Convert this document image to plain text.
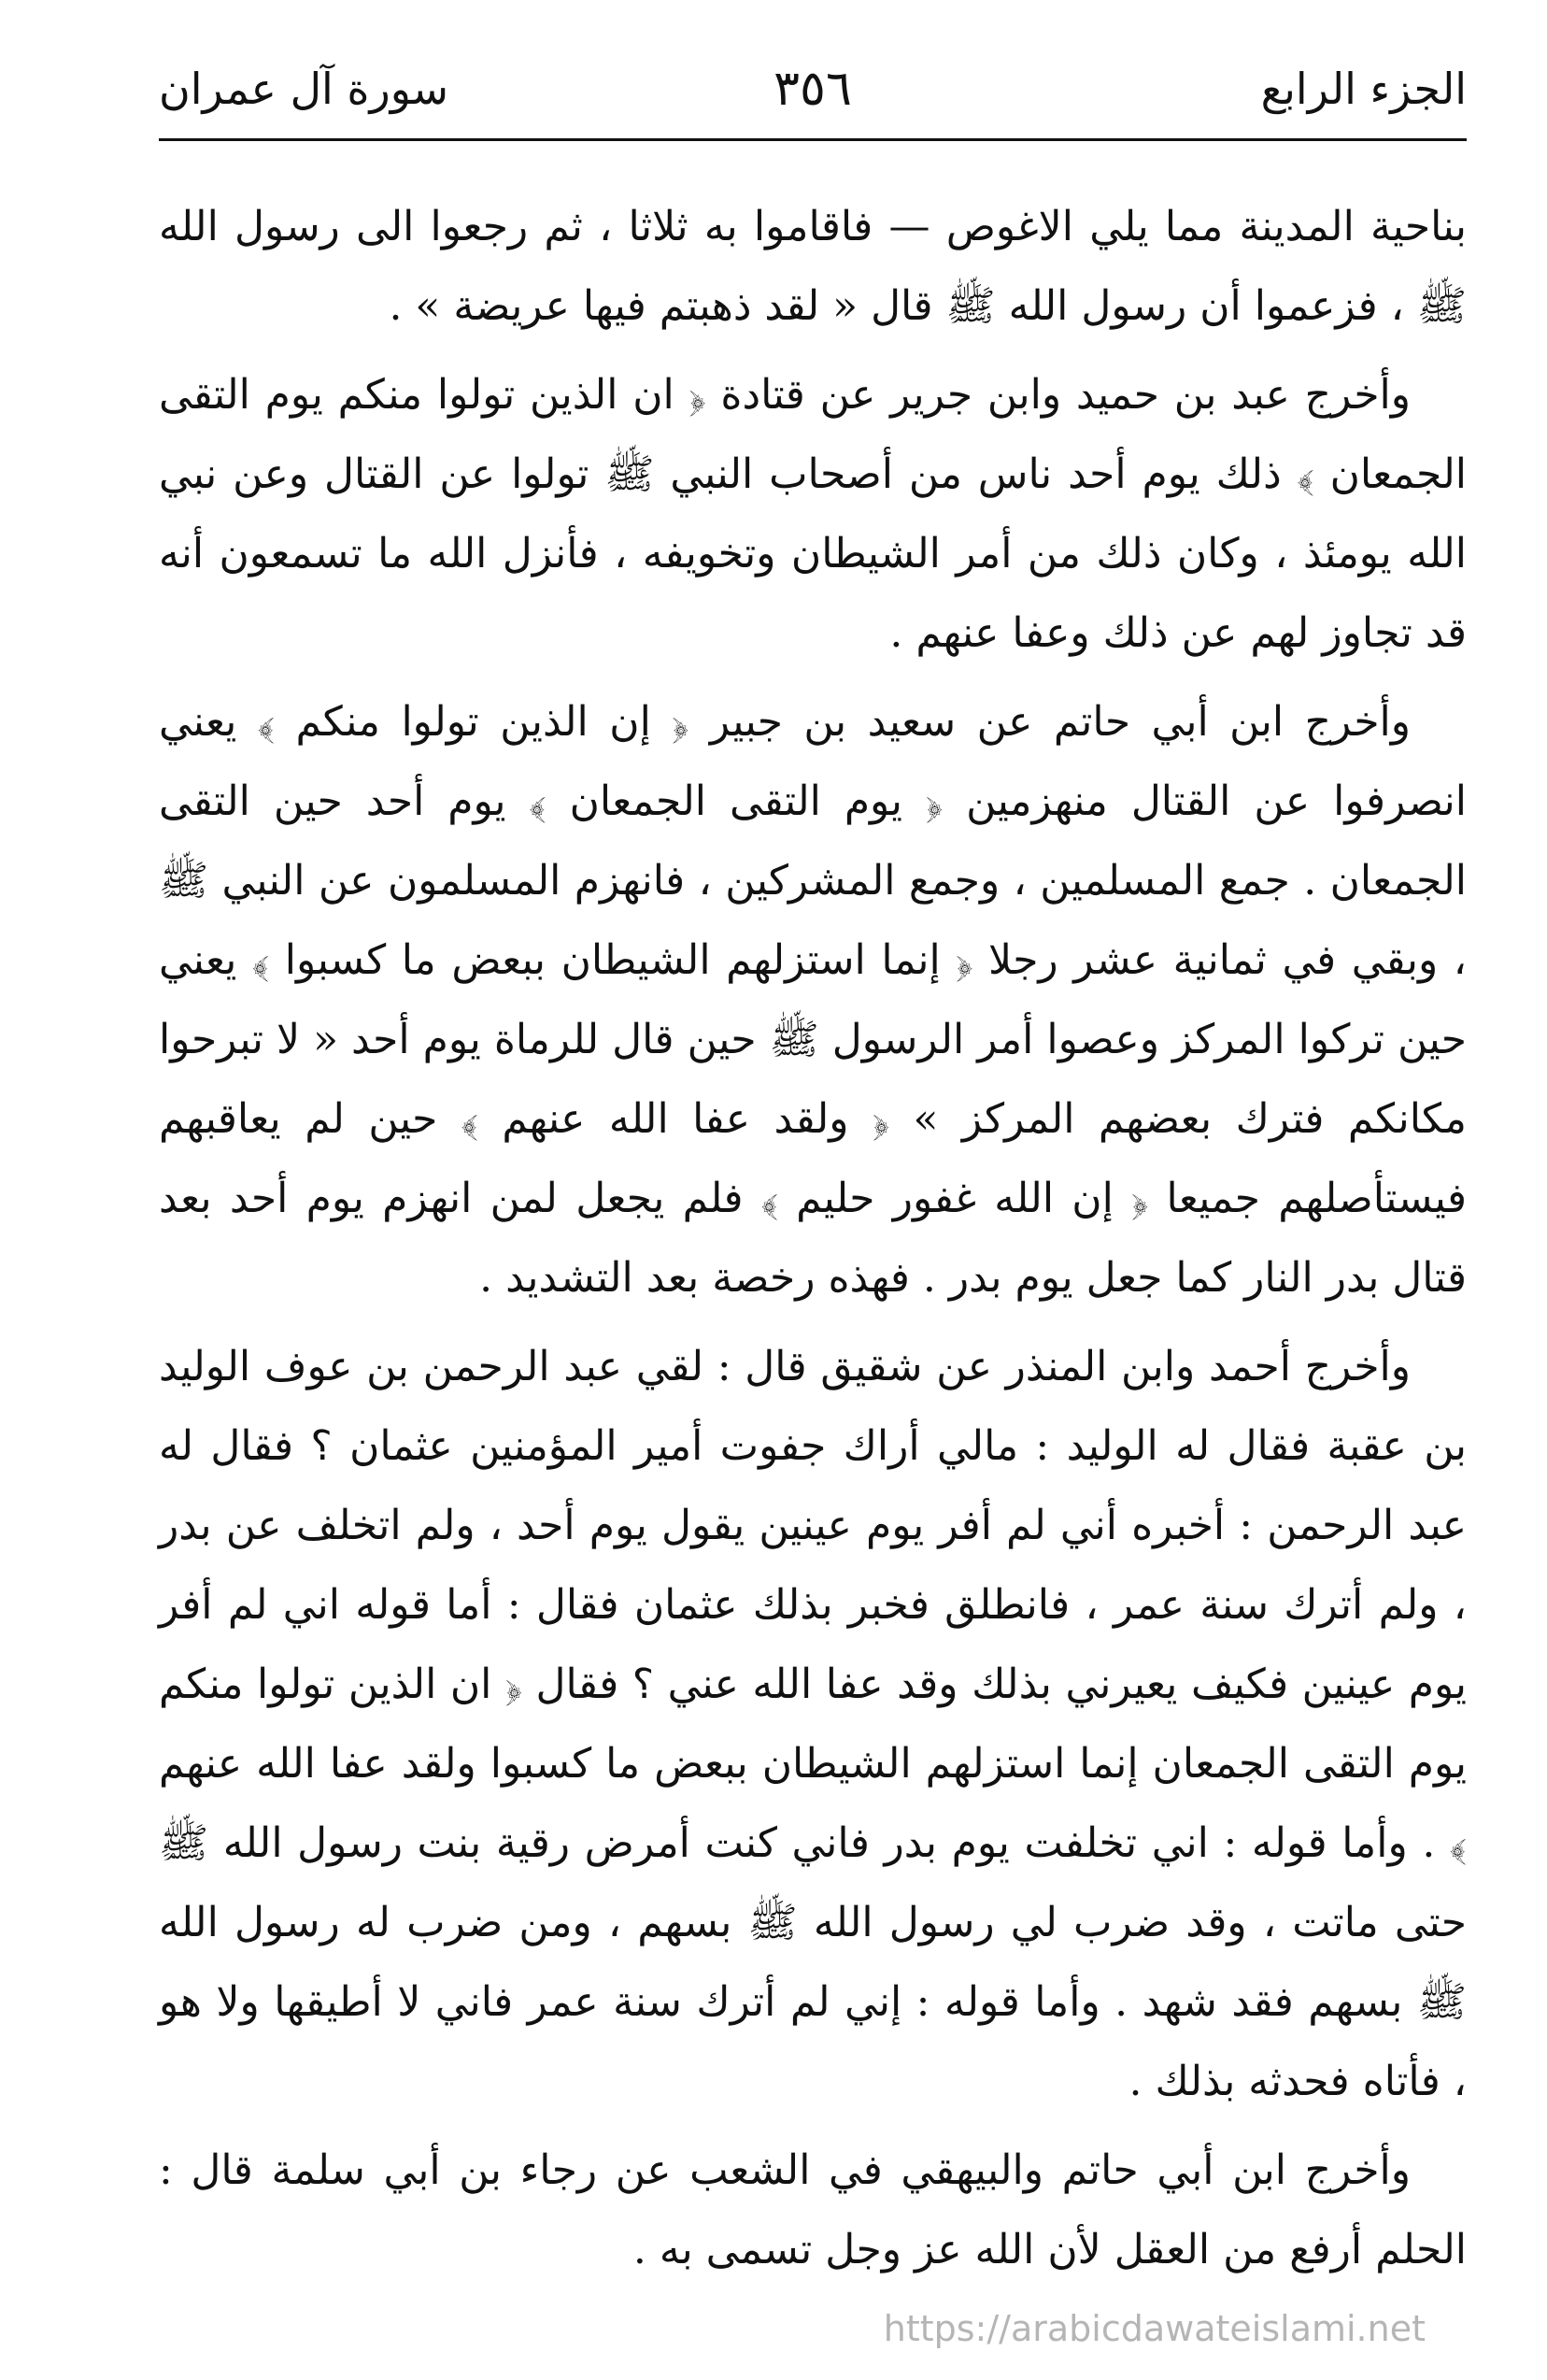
الجزء الرابع
٣٥٦
سورة آل عمران

بناحية المدينة مما يلي الاغوص — فاقاموا به ثلاثا ، ثم رجعوا الى رسول الله ﷺ ، فزعموا أن رسول الله ﷺ قال « لقد ذهبتم فيها عريضة » .

وأخرج عبد بن حميد وابن جرير عن قتادة ﴿ ان الذين تولوا منكم يوم التقى الجمعان ﴾ ذلك يوم أحد ناس من أصحاب النبي ﷺ تولوا عن القتال وعن نبي الله يومئذ ، وكان ذلك من أمر الشيطان وتخويفه ، فأنزل الله ما تسمعون أنه قد تجاوز لهم عن ذلك وعفا عنهم .

وأخرج ابن أبي حاتم عن سعيد بن جبير ﴿ إن الذين تولوا منكم ﴾ يعني انصرفوا عن القتال منهزمين ﴿ يوم التقى الجمعان ﴾ يوم أحد حين التقى الجمعان . جمع المسلمين ، وجمع المشركين ، فانهزم المسلمون عن النبي ﷺ ، وبقي في ثمانية عشر رجلا ﴿ إنما استزلهم الشيطان ببعض ما كسبوا ﴾ يعني حين تركوا المركز وعصوا أمر الرسول ﷺ حين قال للرماة يوم أحد « لا تبرحوا مكانكم فترك بعضهم المركز » ﴿ ولقد عفا الله عنهم ﴾ حين لم يعاقبهم فيستأصلهم جميعا ﴿ إن الله غفور حليم ﴾ فلم يجعل لمن انهزم يوم أحد بعد قتال بدر النار كما جعل يوم بدر . فهذه رخصة بعد التشديد .

وأخرج أحمد وابن المنذر عن شقيق قال : لقي عبد الرحمن بن عوف الوليد بن عقبة فقال له الوليد : مالي أراك جفوت أمير المؤمنين عثمان ؟ فقال له عبد الرحمن : أخبره أني لم أفر يوم عينين يقول يوم أحد ، ولم اتخلف عن بدر ، ولم أترك سنة عمر ، فانطلق فخبر بذلك عثمان فقال : أما قوله اني لم أفر يوم عينين فكيف يعيرني بذلك وقد عفا الله عني ؟ فقال ﴿ ان الذين تولوا منكم يوم التقى الجمعان إنما استزلهم الشيطان ببعض ما كسبوا ولقد عفا الله عنهم ﴾ . وأما قوله : اني تخلفت يوم بدر فاني كنت أمرض رقية بنت رسول الله ﷺ حتى ماتت ، وقد ضرب لي رسول الله ﷺ بسهم ، ومن ضرب له رسول الله ﷺ بسهم فقد شهد . وأما قوله : إني لم أترك سنة عمر فاني لا أطيقها ولا هو ، فأتاه فحدثه بذلك .

وأخرج ابن أبي حاتم والبيهقي في الشعب عن رجاء بن أبي سلمة قال : الحلم أرفع من العقل لأن الله عز وجل تسمى به .

https://arabicdawateislami.net
